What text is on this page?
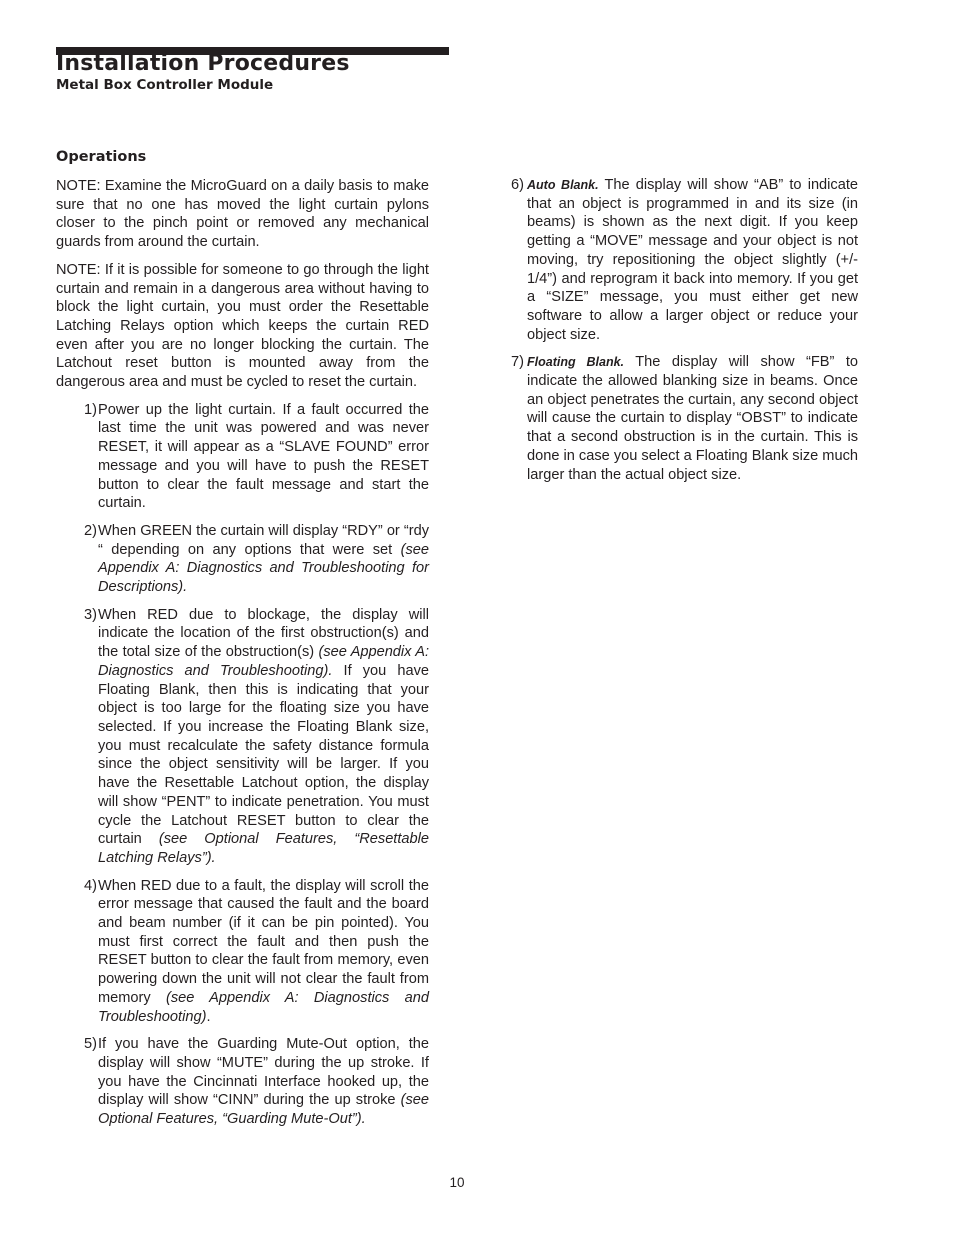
Installation Procedures
Metal Box Controller Module
Operations

NOTE: Examine the MicroGuard on a daily basis to make sure that no one has moved the light curtain pylons closer to the pinch point or removed any mechanical guards from around the curtain.

NOTE: If it is possible for someone to go through the light curtain and remain in a dangerous area without having to block the light curtain, you must order the Resettable Latching Relays option which keeps the curtain RED even after you are no longer blocking the curtain. The Latchout reset button is mounted away from the dangerous area and must be cycled to reset the curtain.

1) Power up the light curtain. If a fault occurred the last time the unit was powered and was never RESET, it will appear as a “SLAVE FOUND” error message and you will have to push the RESET button to clear the fault message and start the curtain.
2) When GREEN the curtain will display “RDY” or “rdy “ depending on any options that were set (see Appendix A: Diagnostics and Troubleshooting for Descriptions).
3) When RED due to blockage, the display will indicate the location of the first obstruction(s) and the total size of the obstruction(s) (see Appendix A: Diagnostics and Troubleshooting). If you have Floating Blank, then this is indicating that your object is too large for the floating size you have selected. If you increase the Floating Blank size, you must recalculate the safety distance formula since the object sensitivity will be larger. If you have the Resettable Latchout option, the display will show “PENT” to indicate penetration. You must cycle the Latchout RESET button to clear the curtain (see Optional Features, “Resettable Latching Relays”).
4) When RED due to a fault, the display will scroll the error message that caused the fault and the board and beam number (if it can be pin pointed). You must first correct the fault and then push the RESET button to clear the fault from memory, even powering down the unit will not clear the fault from memory (see Appendix A: Diagnostics and Troubleshooting).
5) If you have the Guarding Mute-Out option, the display will show “MUTE” during the up stroke. If you have the Cincinnati Interface hooked up, the display will show “CINN” during the up stroke (see Optional Features, “Guarding Mute-Out”).
6) Auto Blank. The display will show “AB” to indicate that an object is programmed in and its size (in beams) is shown as the next digit. If you keep getting a “MOVE” message and your object is not moving, try repositioning the object slightly (+/- 1/4”) and reprogram it back into memory. If you get a “SIZE” message, you must either get new software to allow a larger object or reduce your object size.
7) Floating Blank. The display will show “FB” to indicate the allowed blanking size in beams. Once an object penetrates the curtain, any second object will cause the curtain to display “OBST” to indicate that a second obstruction is in the curtain. This is done in case you select a Floating Blank size much larger than the actual object size.
10
